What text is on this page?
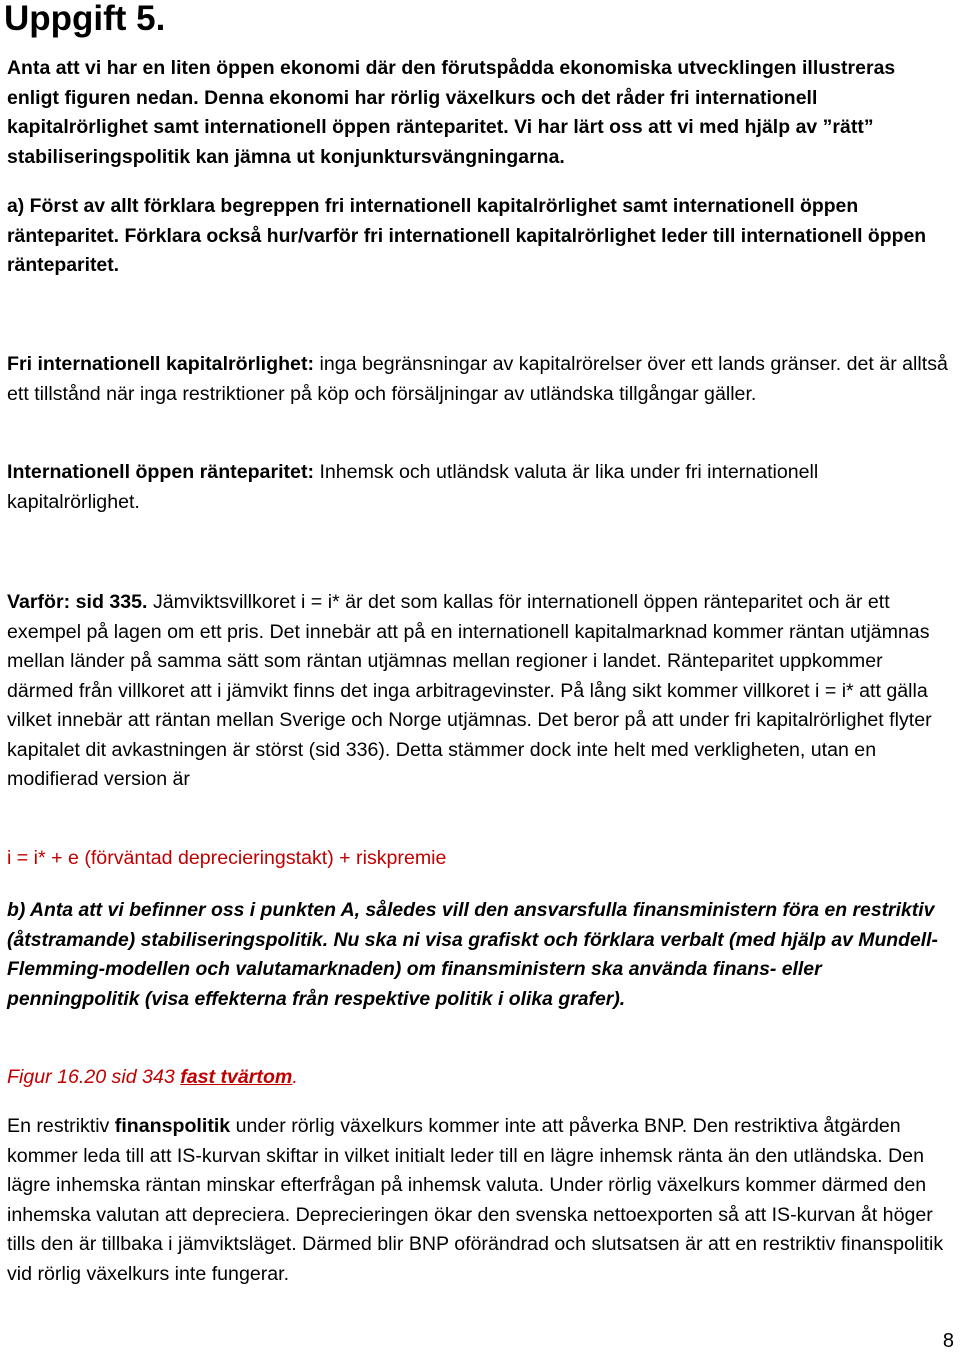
Uppgift 5.

Anta att vi har en liten öppen ekonomi där den förutspådda ekonomiska utvecklingen illustreras enligt figuren nedan. Denna ekonomi har rörlig växelkurs och det råder fri internationell kapitalrörlighet samt internationell öppen ränteparitet. Vi har lärt oss att vi med hjälp av ”rätt” stabiliseringspolitik kan jämna ut konjunktursvängningarna.

a) Först av allt förklara begreppen fri internationell kapitalrörlighet samt internationell öppen ränteparitet. Förklara också hur/varför fri internationell kapitalrörlighet leder till internationell öppen ränteparitet.

Fri internationell kapitalrörlighet: inga begränsningar av kapitalrörelser över ett lands gränser. det är alltså ett tillstånd när inga restriktioner på köp och försäljningar av utländska tillgångar gäller.

Internationell öppen ränteparitet: Inhemsk och utländsk valuta är lika under fri internationell kapitalrörlighet.

Varför: sid 335. Jämviktsvillkoret i = i* är det som kallas för internationell öppen ränteparitet och är ett exempel på lagen om ett pris. Det innebär att på en internationell kapitalmarknad kommer räntan utjämnas mellan länder på samma sätt som räntan utjämnas mellan regioner i landet. Ränteparitet uppkommer därmed från villkoret att i jämvikt finns det inga arbitragevinster. På lång sikt kommer villkoret i = i* att gälla vilket innebär att räntan mellan Sverige och Norge utjämnas. Det beror på att under fri kapitalrörlighet flyter kapitalet dit avkastningen är störst (sid 336). Detta stämmer dock inte helt med verkligheten, utan en modifierad version är

i = i* + e (förväntad deprecieringstakt) + riskpremie

b) Anta att vi befinner oss i punkten A, således vill den ansvarsfulla finansministern föra en restriktiv (åtstramande) stabiliseringspolitik. Nu ska ni visa grafiskt och förklara verbalt (med hjälp av Mundell-Flemming-modellen och valutamarknaden) om finansministern ska använda finans- eller penningpolitik (visa effekterna från respektive politik i olika grafer).

Figur 16.20 sid 343 fast tvärtom.

En restriktiv finanspolitik under rörlig växelkurs kommer inte att påverka BNP. Den restriktiva åtgärden kommer leda till att IS-kurvan skiftar in vilket initialt leder till en lägre inhemsk ränta än den utländska. Den lägre inhemska räntan minskar efterfrågan på inhemsk valuta. Under rörlig växelkurs kommer därmed den inhemska valutan att depreciera. Deprecieringen ökar den svenska nettoexporten så att IS-kurvan åt höger tills den är tillbaka i jämviktsläget. Därmed blir BNP oförändrad och slutsatsen är att en restriktiv finanspolitik vid rörlig växelkurs inte fungerar.

8
